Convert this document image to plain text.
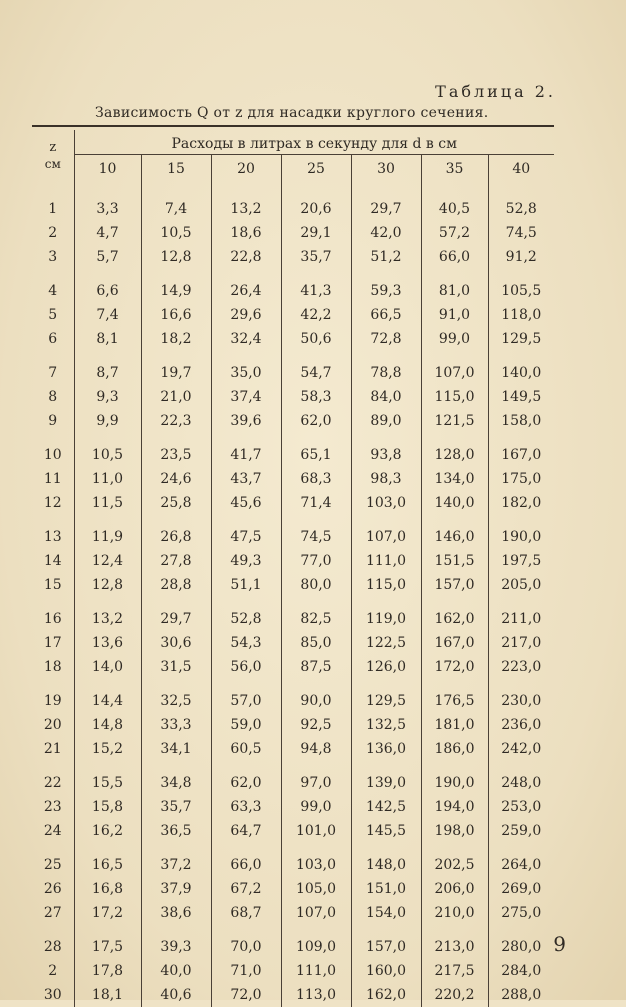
Таблица 2.
Зависимость Q от z для насадки круглого сечения.
z	Расходы в литрах в секунду для d в см						
см	10	15	20	25	30	35	40

1	3,3	7,4	13,2	20,6	29,7	40,5	52,8
2	4,7	10,5	18,6	29,1	42,0	57,2	74,5
3	5,7	12,8	22,8	35,7	51,2	66,0	91,2

4	6,6	14,9	26,4	41,3	59,3	81,0	105,5
5	7,4	16,6	29,6	42,2	66,5	91,0	118,0
6	8,1	18,2	32,4	50,6	72,8	99,0	129,5

7	8,7	19,7	35,0	54,7	78,8	107,0	140,0
8	9,3	21,0	37,4	58,3	84,0	115,0	149,5
9	9,9	22,3	39,6	62,0	89,0	121,5	158,0

10	10,5	23,5	41,7	65,1	93,8	128,0	167,0
11	11,0	24,6	43,7	68,3	98,3	134,0	175,0
12	11,5	25,8	45,6	71,4	103,0	140,0	182,0

13	11,9	26,8	47,5	74,5	107,0	146,0	190,0
14	12,4	27,8	49,3	77,0	111,0	151,5	197,5
15	12,8	28,8	51,1	80,0	115,0	157,0	205,0

16	13,2	29,7	52,8	82,5	119,0	162,0	211,0
17	13,6	30,6	54,3	85,0	122,5	167,0	217,0
18	14,0	31,5	56,0	87,5	126,0	172,0	223,0

19	14,4	32,5	57,0	90,0	129,5	176,5	230,0
20	14,8	33,3	59,0	92,5	132,5	181,0	236,0
21	15,2	34,1	60,5	94,8	136,0	186,0	242,0

22	15,5	34,8	62,0	97,0	139,0	190,0	248,0
23	15,8	35,7	63,3	99,0	142,5	194,0	253,0
24	16,2	36,5	64,7	101,0	145,5	198,0	259,0

25	16,5	37,2	66,0	103,0	148,0	202,5	264,0
26	16,8	37,9	67,2	105,0	151,0	206,0	269,0
27	17,2	38,6	68,7	107,0	154,0	210,0	275,0

28	17,5	39,3	70,0	109,0	157,0	213,0	280,0
2	17,8	40,0	71,0	111,0	160,0	217,5	284,0
30	18,1	40,6	72,0	113,0	162,0	220,2	288,0
9
